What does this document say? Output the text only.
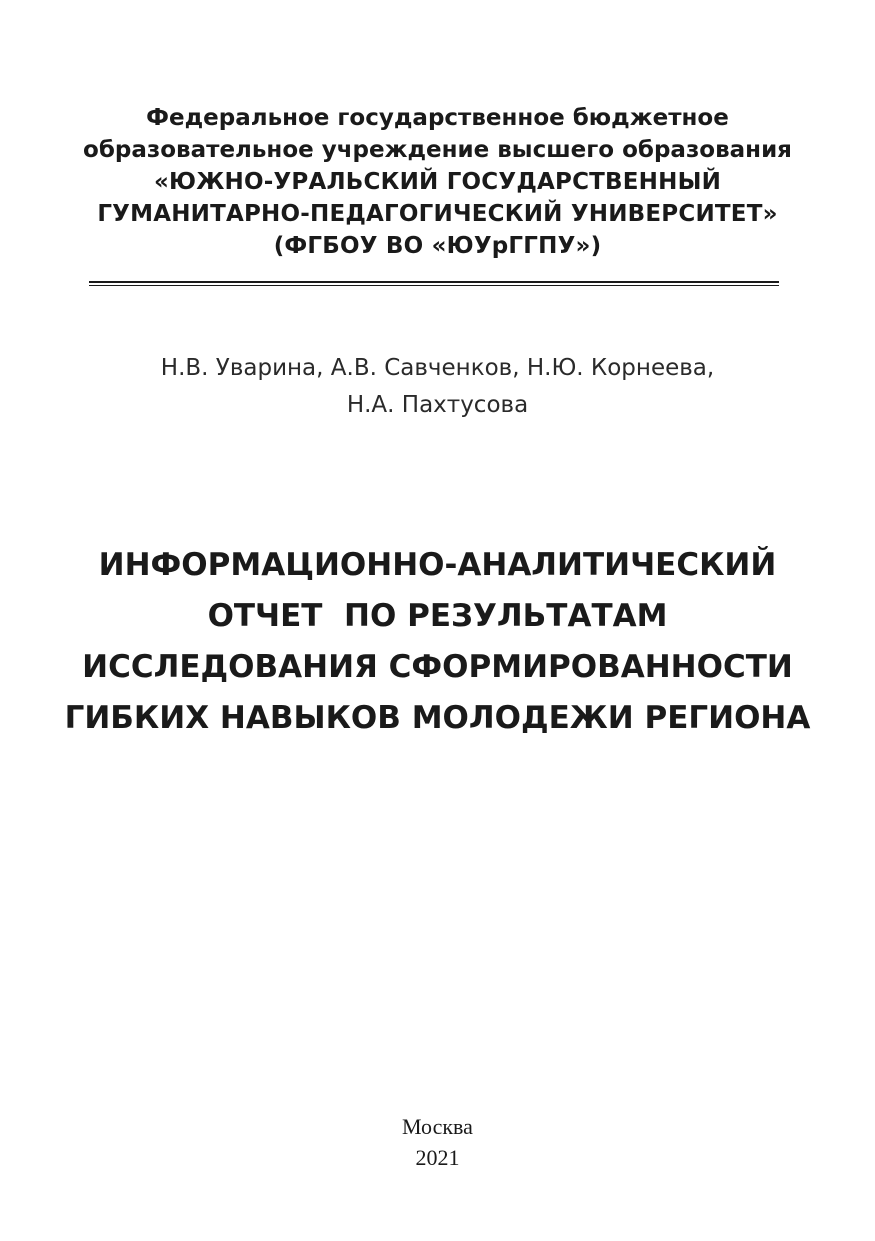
Федеральное государственное бюджетное
образовательное учреждение высшего образования
«ЮЖНО-УРАЛЬСКИЙ ГОСУДАРСТВЕННЫЙ
ГУМАНИТАРНО-ПЕДАГОГИЧЕСКИЙ УНИВЕРСИТЕТ»
(ФГБОУ ВО «ЮУрГГПУ»)
Н.В. Уварина, А.В. Савченков, Н.Ю. Корнеева,
Н.А. Пахтусова
ИНФОРМАЦИОННО-АНАЛИТИЧЕСКИЙ
ОТЧЕТ  ПО РЕЗУЛЬТАТАМ
ИССЛЕДОВАНИЯ СФОРМИРОВАННОСТИ
ГИБКИХ НАВЫКОВ МОЛОДЕЖИ РЕГИОНА
Москва
2021
